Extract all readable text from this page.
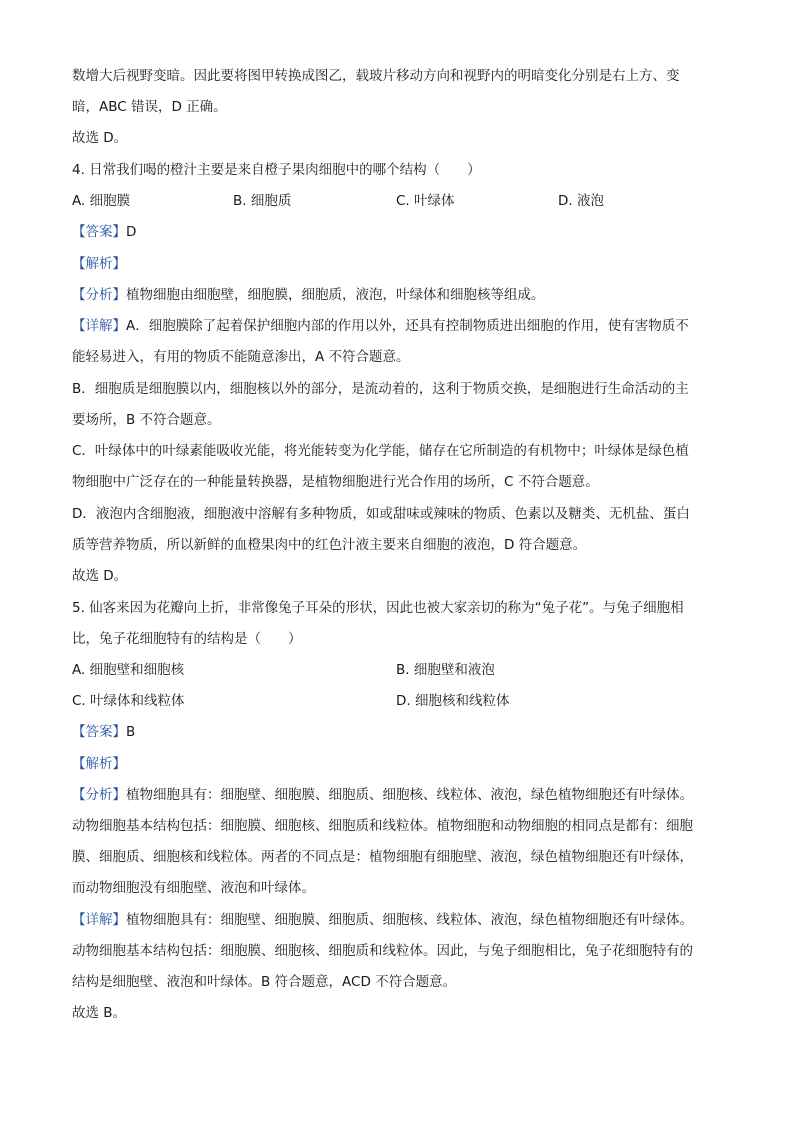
数增大后视野变暗。因此要将图甲转换成图乙，载玻片移动方向和视野内的明暗变化分别是右上方、变
暗，ABC 错误，D 正确。
故选 D。
4. 日常我们喝的橙汁主要是来自橙子果肉细胞中的哪个结构（　　）
A. 细胞膜	B. 细胞质	C. 叶绿体	D. 液泡
【答案】D
【解析】
【分析】植物细胞由细胞壁，细胞膜，细胞质，液泡，叶绿体和细胞核等组成。
【详解】A．细胞膜除了起着保护细胞内部的作用以外，还具有控制物质进出细胞的作用，使有害物质不
能轻易进入，有用的物质不能随意渗出，A 不符合题意。
B．细胞质是细胞膜以内，细胞核以外的部分，是流动着的，这利于物质交换，是细胞进行生命活动的主
要场所，B 不符合题意。
C．叶绿体中的叶绿素能吸收光能，将光能转变为化学能，储存在它所制造的有机物中；叶绿体是绿色植
物细胞中广泛存在的一种能量转换器，是植物细胞进行光合作用的场所，C 不符合题意。
D．液泡内含细胞液，细胞液中溶解有多种物质，如或甜味或辣味的物质、色素以及糖类、无机盐、蛋白
质等营养物质，所以新鲜的血橙果肉中的红色汁液主要来自细胞的液泡，D 符合题意。
故选 D。
5. 仙客来因为花瓣向上折，非常像兔子耳朵的形状，因此也被大家亲切的称为“兔子花”。与兔子细胞相
比，兔子花细胞特有的结构是（　　）
A. 细胞壁和细胞核	B. 细胞壁和液泡
C. 叶绿体和线粒体	D. 细胞核和线粒体
【答案】B
【解析】
【分析】植物细胞具有：细胞壁、细胞膜、细胞质、细胞核、线粒体、液泡，绿色植物细胞还有叶绿体。
动物细胞基本结构包括：细胞膜、细胞核、细胞质和线粒体。植物细胞和动物细胞的相同点是都有：细胞
膜、细胞质、细胞核和线粒体。两者的不同点是：植物细胞有细胞壁、液泡，绿色植物细胞还有叶绿体，
而动物细胞没有细胞壁、液泡和叶绿体。
【详解】植物细胞具有：细胞壁、细胞膜、细胞质、细胞核、线粒体、液泡，绿色植物细胞还有叶绿体。
动物细胞基本结构包括：细胞膜、细胞核、细胞质和线粒体。因此，与兔子细胞相比，兔子花细胞特有的
结构是细胞壁、液泡和叶绿体。B 符合题意，ACD 不符合题意。
故选 B。
